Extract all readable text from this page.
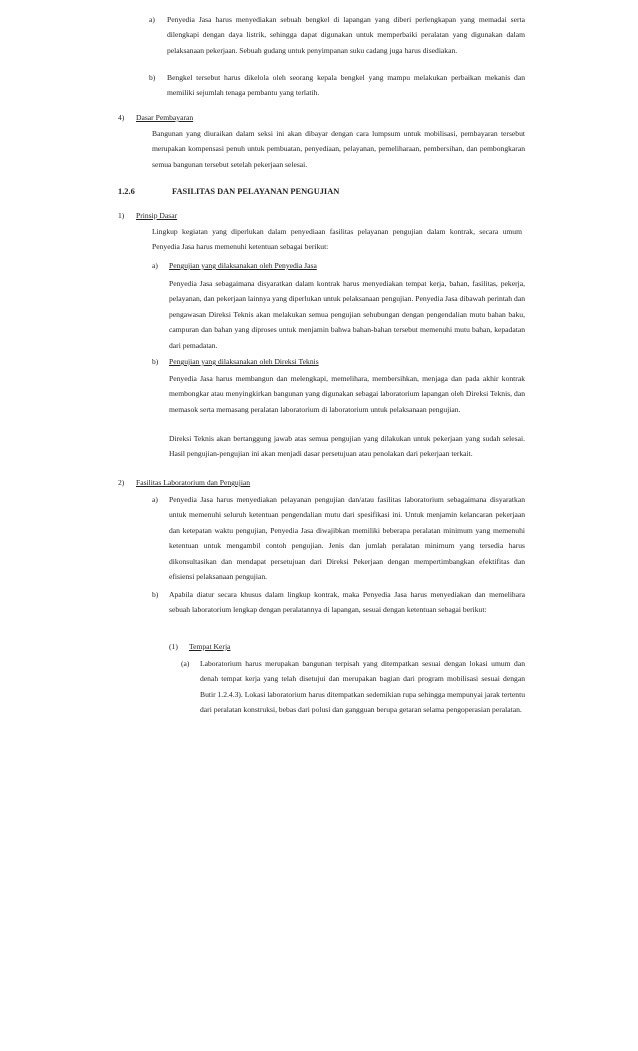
a) Penyedia Jasa harus menyediakan sebuah bengkel di lapangan yang diberi perlengkapan yang memadai serta dilengkapi dengan daya listrik, sehingga dapat digunakan untuk memperbaiki peralatan yang digunakan dalam pelaksanaan pekerjaan. Sebuah gudang untuk penyimpanan suku cadang juga harus disediakan.
b) Bengkel tersebut harus dikelola oleh seorang kepala bengkel yang mampu melakukan perbaikan mekanis dan memiliki sejumlah tenaga pembantu yang terlatih.
4) Dasar Pembayaran
Bangunan yang diuraikan dalam seksi ini akan dibayar dengan cara lumpsum untuk mobilisasi, pembayaran tersebut merupakan kompensasi penuh untuk pembuatan, penyediaan, pelayanan, pemeliharaan, pembersihan, dan pembongkaran semua bangunan tersebut setelah pekerjaan selesai.
1.2.6	FASILITAS DAN PELAYANAN PENGUJIAN
1) Prinsip Dasar
Lingkup kegiatan yang diperlukan dalam penyediaan fasilitas pelayanan pengujian dalam kontrak, secara umum Penyedia Jasa harus memenuhi ketentuan sebagai berikut:
a) Pengujian yang dilaksanakan oleh Penyedia Jasa
Penyedia Jasa sebagaimana disyaratkan dalam kontrak harus menyediakan tempat kerja, bahan, fasilitas, pekerja, pelayanan, dan pekerjaan lainnya yang diperlukan untuk pelaksanaan pengujian. Penyedia Jasa dibawah perintah dan pengawasan Direksi Teknis akan melakukan semua pengujian sehubungan dengan pengendalian mutu bahan baku, campuran dan bahan yang diproses untuk menjamin bahwa bahan-bahan tersebut memenuhi mutu bahan, kepadatan dari pemadatan.
b) Pengujian yang dilaksanakan oleh Direksi Teknis
Penyedia Jasa harus membangun dan melengkapi, memelihara, membersihkan, menjaga dan pada akhir kontrak membongkar atau menyingkirkan bangunan yang digunakan sebagai laboratorium lapangan oleh Direksi Teknis, dan memasok serta memasang peralatan laboratorium di laboratorium untuk pelaksanaan pengujian.
Direksi Teknis akan bertanggung jawab atas semua pengujian yang dilakukan untuk pekerjaan yang sudah selesai. Hasil pengujian-pengujian ini akan menjadi dasar persetujuan atau penolakan dari pekerjaan terkait.
2) Fasilitas Laboratorium dan Pengujian
a) Penyedia Jasa harus menyediakan pelayanan pengujian dan/atau fasilitas laboratorium sebagaimana disyaratkan untuk memenuhi seluruh ketentuan pengendalian mutu dari spesifikasi ini. Untuk menjamin kelancaran pekerjaan dan ketepatan waktu pengujian, Penyedia Jasa diwajibkan memiliki beberapa peralatan minimum yang memenuhi ketentuan untuk mengambil contoh pengujian. Jenis dan jumlah peralatan minimum yang tersedia harus dikonsultasikan dan mendapat persetujuan dari Direksi Pekerjaan dengan mempertimbangkan efektifitas dan efisiensi pelaksanaan pengujian.
b) Apabila diatur secara khusus dalam lingkup kontrak, maka Penyedia Jasa harus menyediakan dan memelihara sebuah laboratorium lengkap dengan peralatannya di lapangan, sesuai dengan ketentuan sebagai berikut:
(1) Tempat Kerja
(a) Laboratorium harus merupakan bangunan terpisah yang ditempatkan sesuai dengan lokasi umum dan denah tempat kerja yang telah disetujui dan merupakan bagian dari program mobilisasi sesuai dengan Butir 1.2.4.3). Lokasi laboratorium harus ditempatkan sedemikian rupa sehingga mempunyai jarak tertentu dari peralatan konstruksi, bebas dari polusi dan gangguan berupa getaran selama pengoperasian peralatan.
